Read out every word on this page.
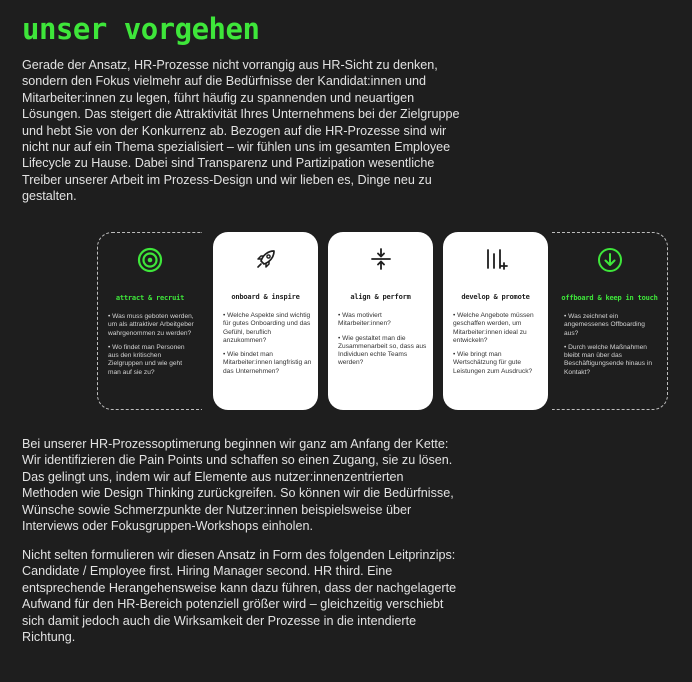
unser vorgehen

Gerade der Ansatz, HR-Prozesse nicht vorrangig aus HR-Sicht zu denken, sondern den Fokus vielmehr auf die Bedürfnisse der Kandidat:innen und Mitarbeiter:innen zu legen, führt häufig zu spannenden und neuartigen Lösungen. Das steigert die Attraktivität Ihres Unternehmens bei der Zielgruppe und hebt Sie von der Konkurrenz ab. Bezogen auf die HR-Prozesse sind wir nicht nur auf ein Thema spezialisiert – wir fühlen uns im gesamten Employee Lifecycle zu Hause. Dabei sind Transparenz und Partizipation wesentliche Treiber unserer Arbeit im Prozess-Design und wir lieben es, Dinge neu zu gestalten.

attract & recruit
• Was muss geboten werden, um als attraktiver Arbeitgeber wahrgenommen zu werden?
• Wo findet man Personen aus den kritischen Zielgruppen und wie geht man auf sie zu?
onboard & inspire
• Welche Aspekte sind wichtig für gutes Onboarding und das Gefühl, beruflich anzukommen?
• Wie bindet man Mitarbeiter:innen langfristig an das Unternehmen?
align & perform
• Was motiviert Mitarbeiter:innen?
• Wie gestaltet man die Zusammenarbeit so, dass aus Individuen echte Teams werden?
develop & promote
• Welche Angebote müssen geschaffen werden, um Mitarbeiter:innen ideal zu entwickeln?
• Wie bringt man Wertschätzung für gute Leistungen zum Ausdruck?
offboard & keep in touch
• Was zeichnet ein angemessenes Offboarding aus?
• Durch welche Maßnahmen bleibt man über das Beschäftigungsende hinaus in Kontakt?

Bei unserer HR-Prozessoptimerung beginnen wir ganz am Anfang der Kette: Wir identifizieren die Pain Points und schaffen so einen Zugang, sie zu lösen. Das gelingt uns, indem wir auf Elemente aus nutzer:innenzentrierten Methoden wie Design Thinking zurückgreifen. So können wir die Bedürfnisse, Wünsche sowie Schmerzpunkte der Nutzer:innen beispielsweise über Interviews oder Fokusgruppen-Workshops einholen.

Nicht selten formulieren wir diesen Ansatz in Form des folgenden Leitprinzips: Candidate / Employee first. Hiring Manager second. HR third. Eine entsprechende Herangehensweise kann dazu führen, dass der nachgelagerte Aufwand für den HR-Bereich potenziell größer wird – gleichzeitig verschiebt sich damit jedoch auch die Wirksamkeit der Prozesse in die intendierte Richtung.
